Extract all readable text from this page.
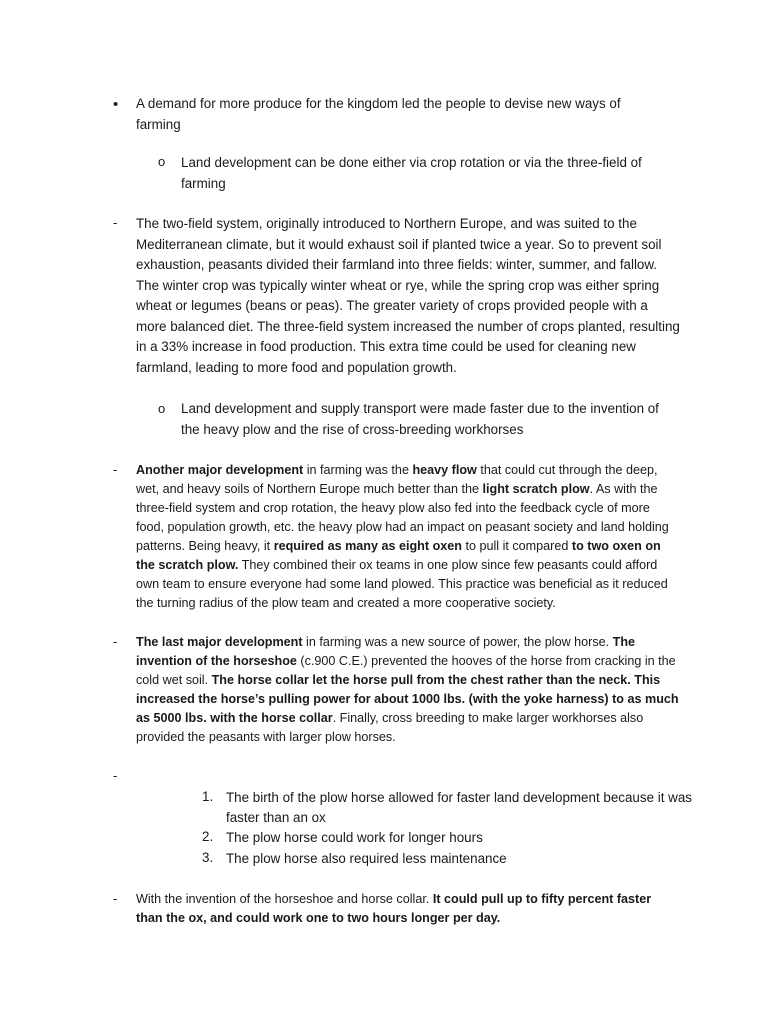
• A demand for more produce for the kingdom led the people to devise new ways of farming
o Land development can be done either via crop rotation or via the three-field of farming
- The two-field system, originally introduced to Northern Europe, and was suited to the Mediterranean climate, but it would exhaust soil if planted twice a year. So to prevent soil exhaustion, peasants divided their farmland into three fields: winter, summer, and fallow. The winter crop was typically winter wheat or rye, while the spring crop was either spring wheat or legumes (beans or peas). The greater variety of crops provided people with a more balanced diet. The three-field system increased the number of crops planted, resulting in a 33% increase in food production. This extra time could be used for cleaning new farmland, leading to more food and population growth.
o Land development and supply transport were made faster due to the invention of the heavy plow and the rise of cross-breeding workhorses
- Another major development in farming was the heavy flow that could cut through the deep, wet, and heavy soils of Northern Europe much better than the light scratch plow. As with the three-field system and crop rotation, the heavy plow also fed into the feedback cycle of more food, population growth, etc. the heavy plow had an impact on peasant society and land holding patterns. Being heavy, it required as many as eight oxen to pull it compared to two oxen on the scratch plow. They combined their ox teams in one plow since few peasants could afford own team to ensure everyone had some land plowed. This practice was beneficial as it reduced the turning radius of the plow team and created a more cooperative society.
- The last major development in farming was a new source of power, the plow horse. The invention of the horseshoe (c.900 C.E.) prevented the hooves of the horse from cracking in the cold wet soil. The horse collar let the horse pull from the chest rather than the neck. This increased the horse’s pulling power for about 1000 lbs. (with the yoke harness) to as much as 5000 lbs. with the horse collar. Finally, cross breeding to make larger workhorses also provided the peasants with larger plow horses.
-
1. The birth of the plow horse allowed for faster land development because it was faster than an ox
2. The plow horse could work for longer hours
3. The plow horse also required less maintenance
- With the invention of the horseshoe and horse collar. It could pull up to fifty percent faster than the ox, and could work one to two hours longer per day.
